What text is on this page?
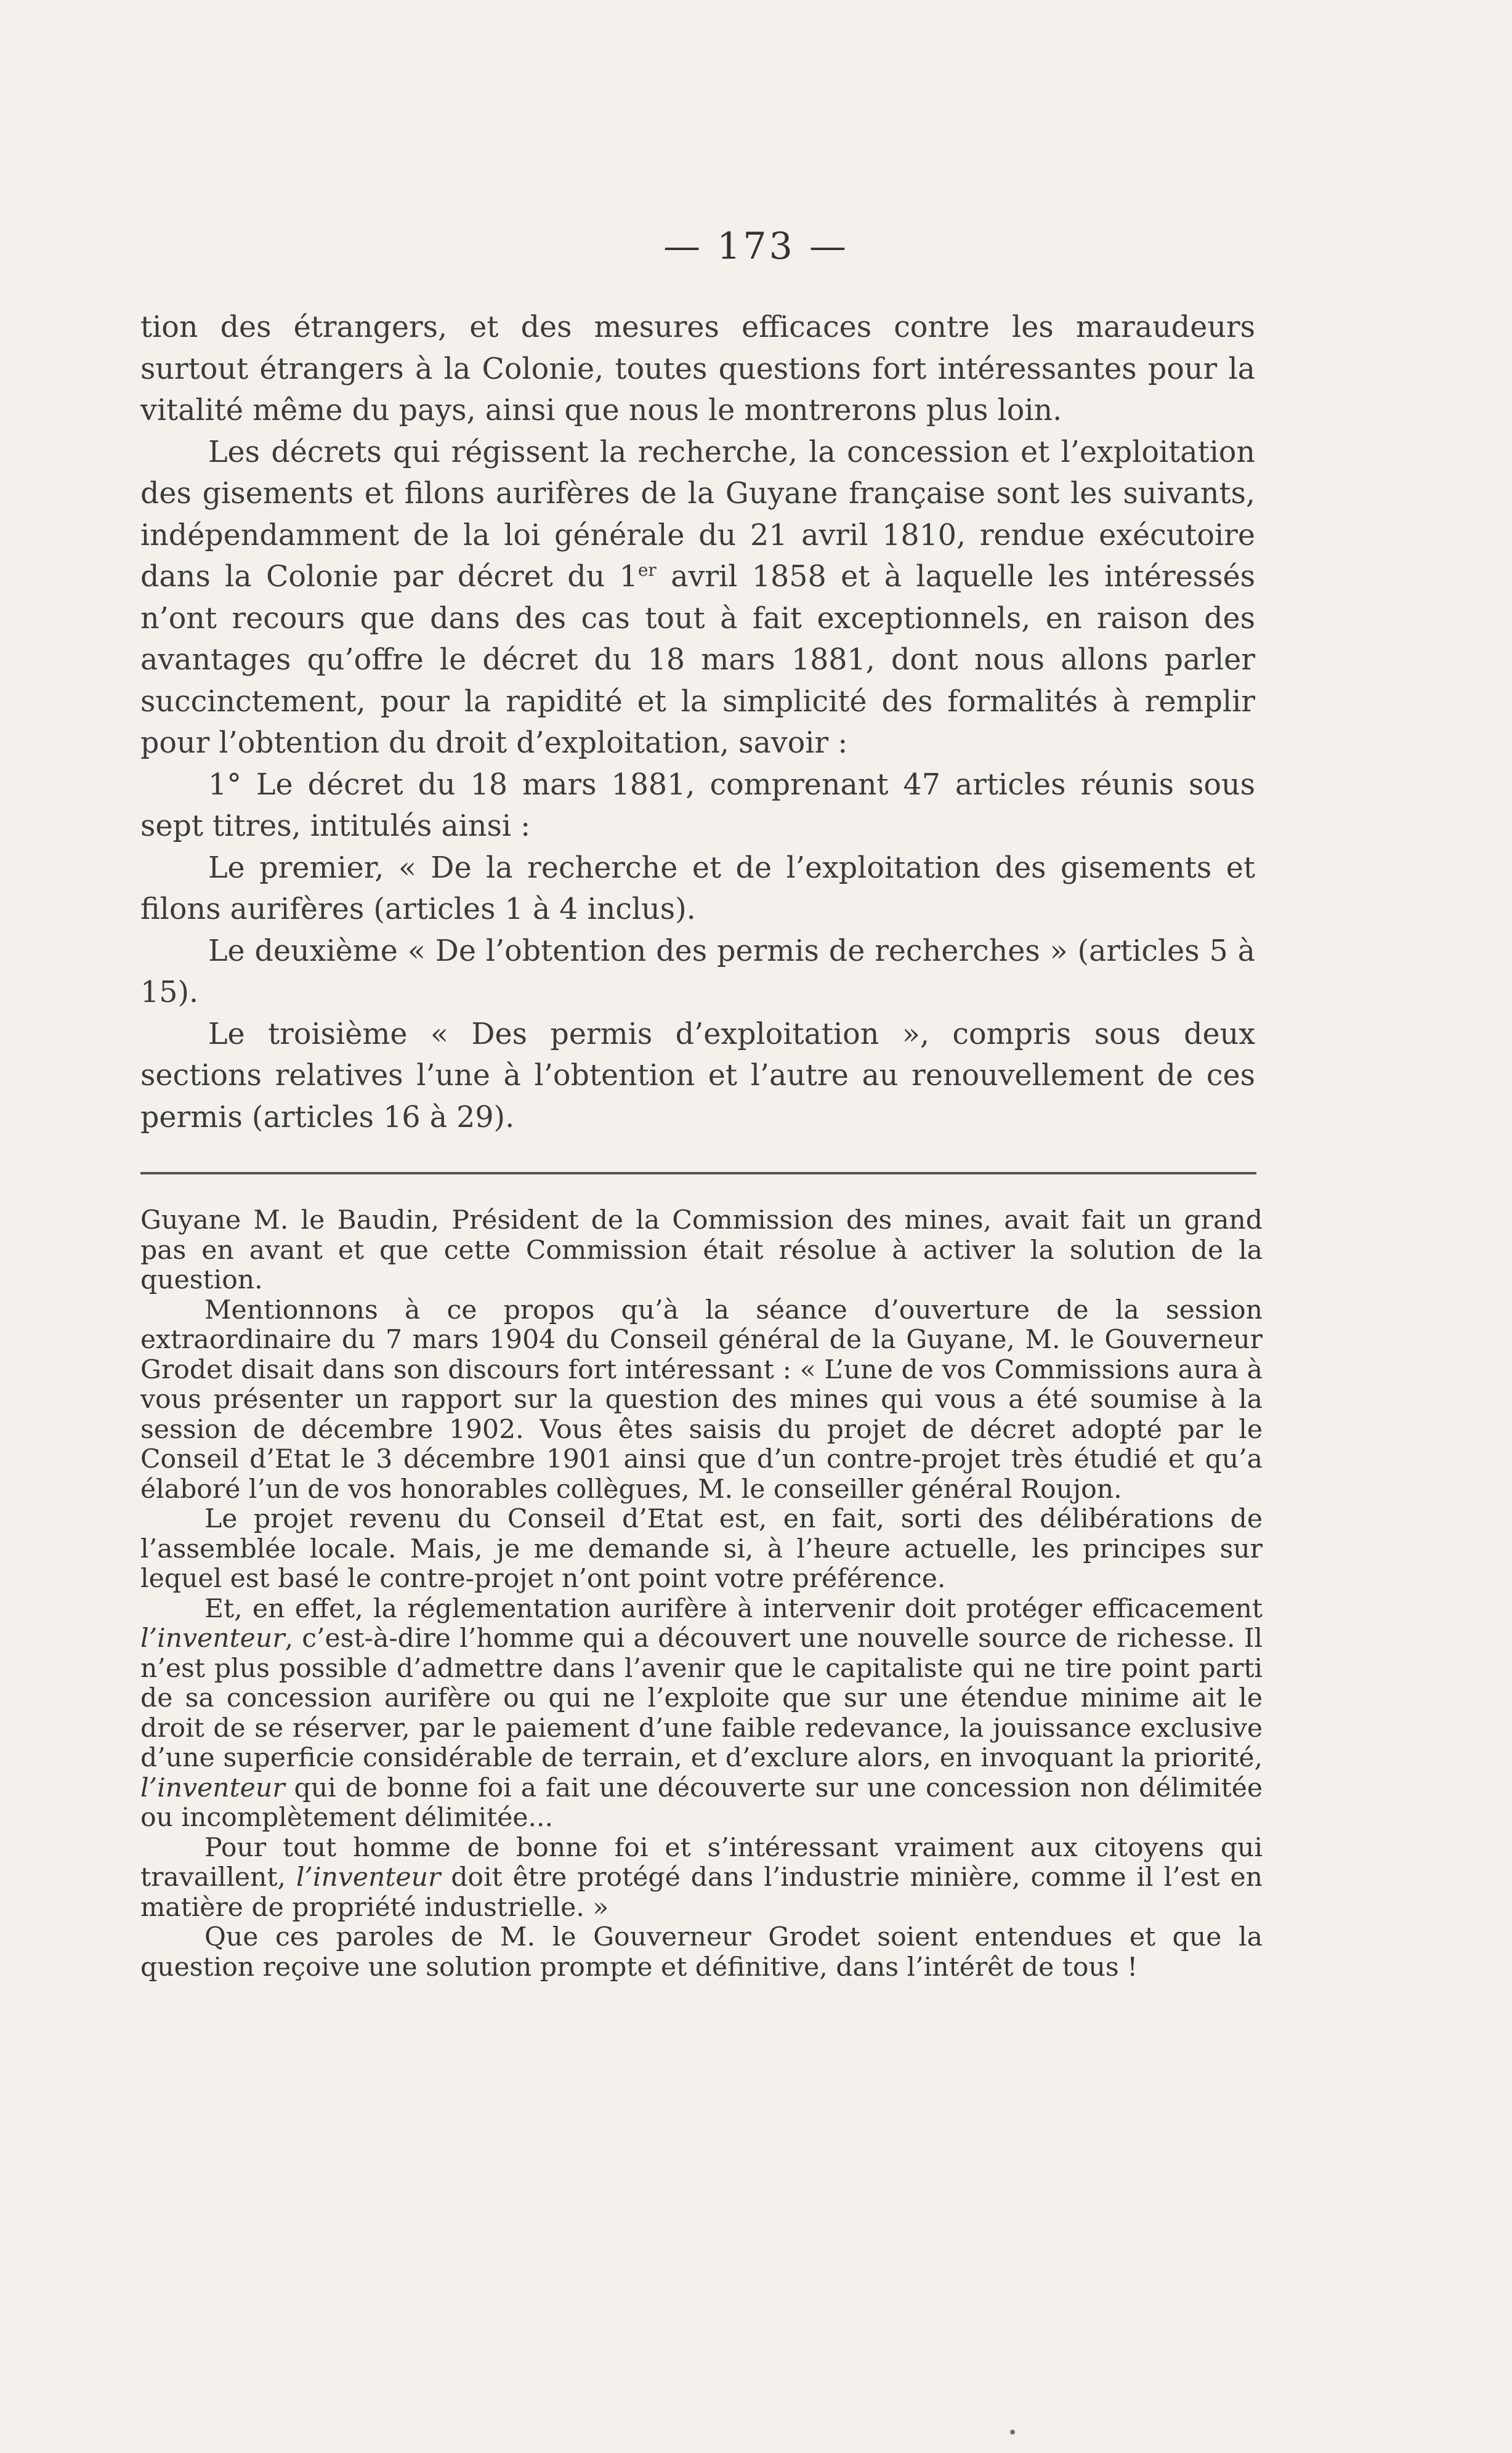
— 173 —

tion des étrangers, et des mesures efficaces contre les maraudeurs surtout étrangers à la Colonie, toutes questions fort intéressantes pour la vitalité même du pays, ainsi que nous le montrerons plus loin.

Les décrets qui régissent la recherche, la concession et l’exploitation des gisements et filons aurifères de la Guyane française sont les suivants, indépendamment de la loi générale du 21 avril 1810, rendue exécutoire dans la Colonie par décret du 1er avril 1858 et à laquelle les intéressés n’ont recours que dans des cas tout à fait exceptionnels, en raison des avantages qu’offre le décret du 18 mars 1881, dont nous allons parler succinctement, pour la rapidité et la simplicité des formalités à remplir pour l’obtention du droit d’exploitation, savoir :

1° Le décret du 18 mars 1881, comprenant 47 articles réunis sous sept titres, intitulés ainsi :

Le premier, « De la recherche et de l’exploitation des gisements et filons aurifères (articles 1 à 4 inclus).

Le deuxième « De l’obtention des permis de recherches » (articles 5 à 15).

Le troisième « Des permis d’exploitation », compris sous deux sections relatives l’une à l’obtention et l’autre au renouvellement de ces permis (articles 16 à 29).

Guyane M. le Baudin, Président de la Commission des mines, avait fait un grand pas en avant et que cette Commission était résolue à activer la solution de la question.

Mentionnons à ce propos qu’à la séance d’ouverture de la session extraordinaire du 7 mars 1904 du Conseil général de la Guyane, M. le Gouverneur Grodet disait dans son discours fort intéressant : « L’une de vos Commissions aura à vous présenter un rapport sur la question des mines qui vous a été soumise à la session de décembre 1902. Vous êtes saisis du projet de décret adopté par le Conseil d’Etat le 3 décembre 1901 ainsi que d’un contre-projet très étudié et qu’a élaboré l’un de vos honorables collègues, M. le conseiller général Roujon.

Le projet revenu du Conseil d’Etat est, en fait, sorti des délibérations de l’assemblée locale. Mais, je me demande si, à l’heure actuelle, les principes sur lequel est basé le contre-projet n’ont point votre préférence.

Et, en effet, la réglementation aurifère à intervenir doit protéger efficacement l’inventeur, c’est-à-dire l’homme qui a découvert une nouvelle source de richesse. Il n’est plus possible d’admettre dans l’avenir que le capitaliste qui ne tire point parti de sa concession aurifère ou qui ne l’exploite que sur une étendue minime ait le droit de se réserver, par le paiement d’une faible redevance, la jouissance exclusive d’une superficie considérable de terrain, et d’exclure alors, en invoquant la priorité, l’inventeur qui de bonne foi a fait une découverte sur une concession non délimitée ou incomplètement délimitée...

Pour tout homme de bonne foi et s’intéressant vraiment aux citoyens qui travaillent, l’inventeur doit être protégé dans l’industrie minière, comme il l’est en matière de propriété industrielle. »

Que ces paroles de M. le Gouverneur Grodet soient entendues et que la question reçoive une solution prompte et définitive, dans l’intérêt de tous !
